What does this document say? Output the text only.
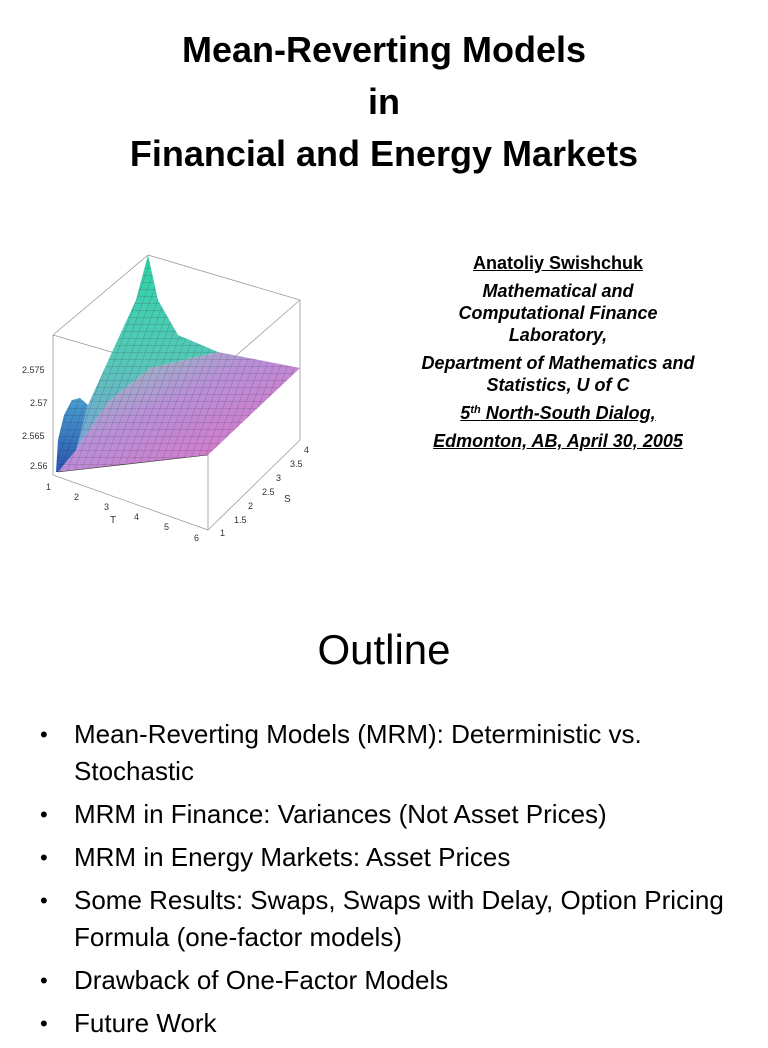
Mean-Reverting Models
in
Financial and Energy Markets
2.575
2.57
2.565
2.56
1
2
3
4
5
6
T
1
1.5
2
2.5
3
3.5
4
S
Anatoliy Swishchuk
Mathematical and
Computational Finance
Laboratory,
Department of Mathematics and
Statistics, U of C
5th North-South Dialog,
Edmonton, AB, April 30, 2005
Outline
• Mean-Reverting Models (MRM): Deterministic vs. Stochastic
• MRM in Finance: Variances (Not Asset Prices)
• MRM in Energy Markets: Asset Prices
• Some Results: Swaps, Swaps with Delay, Option Pricing Formula (one-factor models)
• Drawback of One-Factor Models
• Future Work
